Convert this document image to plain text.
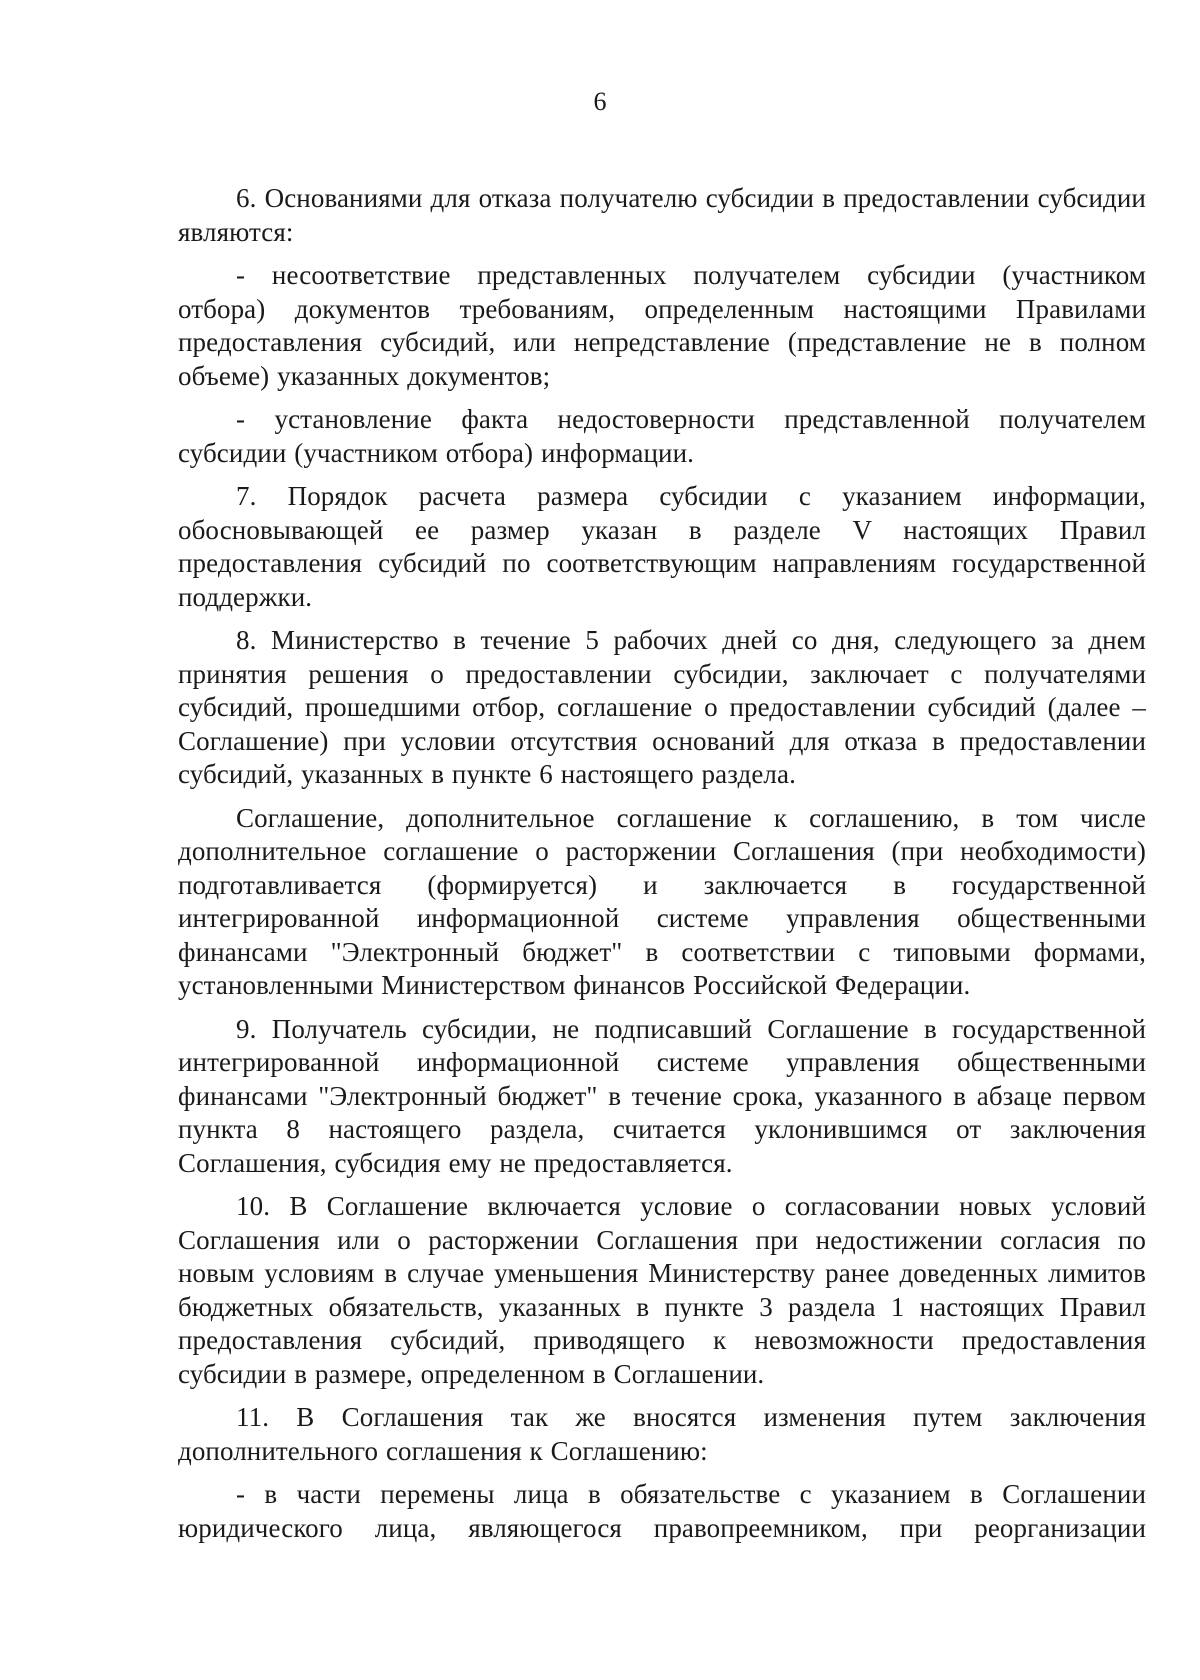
6

6. Основаниями для отказа получателю субсидии в предоставлении субсидии являются:

- несоответствие представленных получателем субсидии (участником отбора) документов требованиям, определенным настоящими Правилами предоставления субсидий, или непредставление (представление не в полном объеме) указанных документов;

- установление факта недостоверности представленной получателем субсидии (участником отбора) информации.

7. Порядок расчета размера субсидии с указанием информации, обосновывающей ее размер указан в разделе V настоящих Правил предоставления субсидий по соответствующим направлениям государственной поддержки.

8. Министерство в течение 5 рабочих дней со дня, следующего за днем принятия решения о предоставлении субсидии, заключает с получателями субсидий, прошедшими отбор, соглашение о предоставлении субсидий (далее – Соглашение) при условии отсутствия оснований для отказа в предоставлении субсидий, указанных в пункте 6 настоящего раздела.

Соглашение, дополнительное соглашение к соглашению, в том числе дополнительное соглашение о расторжении Соглашения (при необходимости) подготавливается (формируется) и заключается в государственной интегрированной информационной системе управления общественными финансами "Электронный бюджет" в соответствии с типовыми формами, установленными Министерством финансов Российской Федерации.

9. Получатель субсидии, не подписавший Соглашение в государственной интегрированной информационной системе управления общественными финансами "Электронный бюджет" в течение срока, указанного в абзаце первом пункта 8 настоящего раздела, считается уклонившимся от заключения Соглашения, субсидия ему не предоставляется.

10. В Соглашение включается условие о согласовании новых условий Соглашения или о расторжении Соглашения при недостижении согласия по новым условиям в случае уменьшения Министерству ранее доведенных лимитов бюджетных обязательств, указанных в пункте 3 раздела 1 настоящих Правил предоставления субсидий, приводящего к невозможности предоставления субсидии в размере, определенном в Соглашении.

11. В Соглашения так же вносятся изменения путем заключения дополнительного соглашения к Соглашению:

- в части перемены лица в обязательстве с указанием в Соглашении юридического лица, являющегося правопреемником, при реорганизации
